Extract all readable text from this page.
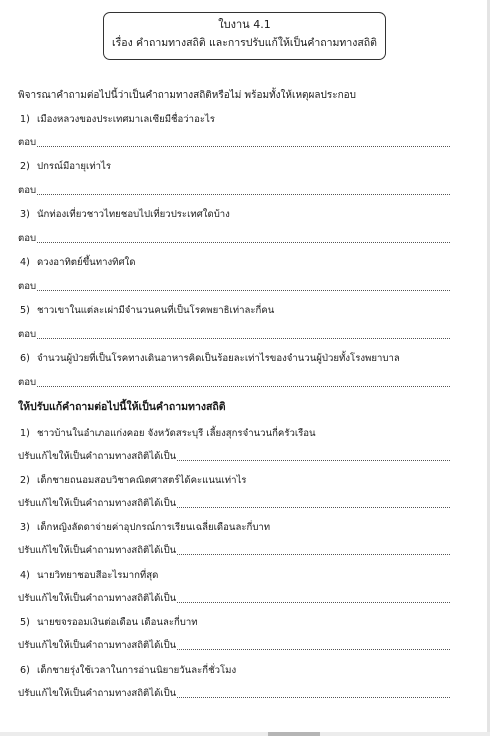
ใบงาน 4.1
เรื่อง คำถามทางสถิติ และการปรับแก้ให้เป็นคำถามทางสถิติ
พิจารณาคำถามต่อไปนี้ว่าเป็นคำถามทางสถิติหรือไม่ พร้อมทั้งให้เหตุผลประกอบ
1) เมืองหลวงของประเทศมาเลเซียมีชื่อว่าอะไร
ตอบ
2) ปกรณ์มีอายุเท่าไร
ตอบ
3) นักท่องเที่ยวชาวไทยชอบไปเที่ยวประเทศใดบ้าง
ตอบ
4) ดวงอาทิตย์ขึ้นทางทิศใด
ตอบ
5) ชาวเขาในแต่ละเผ่ามีจำนวนคนที่เป็นโรคพยาธิเท่าละกี่คน
ตอบ
6) จำนวนผู้ป่วยที่เป็นโรคทางเดินอาหารคิดเป็นร้อยละเท่าไรของจำนวนผู้ป่วยทั้งโรงพยาบาล
ตอบ
ให้ปรับแก้คำถามต่อไปนี้ให้เป็นคำถามทางสถิติ
1) ชาวบ้านในอำเภอแก่งคอย จังหวัดสระบุรี เลี้ยงสุกรจำนวนกี่ครัวเรือน
ปรับแก้ไขให้เป็นคำถามทางสถิติได้เป็น
2) เด็กชายถนอมสอบวิชาคณิตศาสตร์ได้คะแนนเท่าไร
ปรับแก้ไขให้เป็นคำถามทางสถิติได้เป็น
3) เด็กหญิงลัดดาจ่ายค่าอุปกรณ์การเรียนเฉลี่ยเดือนละกี่บาท
ปรับแก้ไขให้เป็นคำถามทางสถิติได้เป็น
4) นายวิทยาชอบสีอะไรมากที่สุด
ปรับแก้ไขให้เป็นคำถามทางสถิติได้เป็น
5) นายขจรออมเงินต่อเดือน เดือนละกี่บาท
ปรับแก้ไขให้เป็นคำถามทางสถิติได้เป็น
6) เด็กชายรุ่งใช้เวลาในการอ่านนิยายวันละกี่ชั่วโมง
ปรับแก้ไขให้เป็นคำถามทางสถิติได้เป็น
